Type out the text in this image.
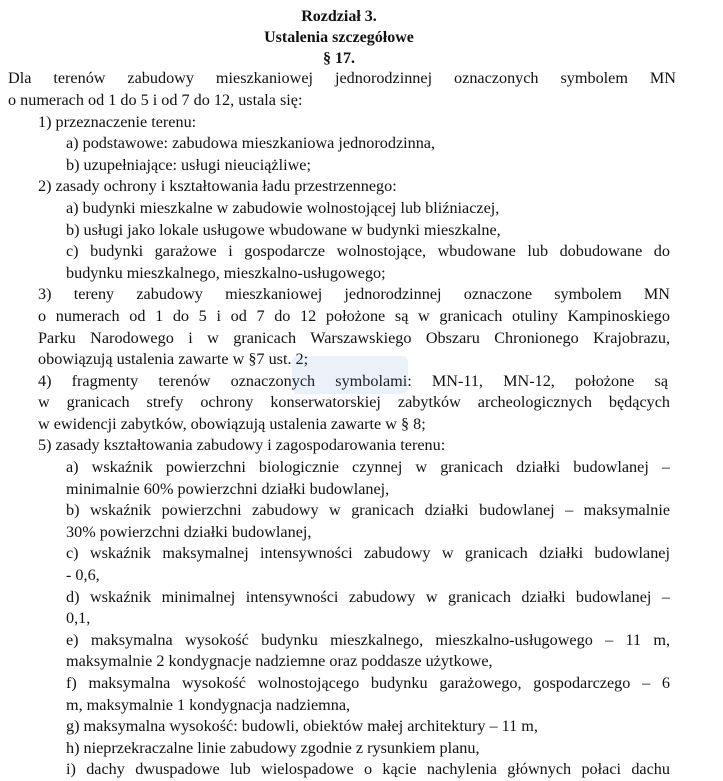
Rozdział 3.
Ustalenia szczegółowe
§ 17.
Dla terenów zabudowy mieszkaniowej jednorodzinnej oznaczonych symbolem MN
o numerach od 1 do 5 i od 7 do 12, ustala się:
1) przeznaczenie terenu:
a) podstawowe: zabudowa mieszkaniowa jednorodzinna,
b) uzupełniające: usługi nieuciążliwe;
2) zasady ochrony i kształtowania ładu przestrzennego:
a) budynki mieszkalne w zabudowie wolnostojącej lub bliźniaczej,
b) usługi jako lokale usługowe wbudowane w budynki mieszkalne,
c) budynki garażowe i gospodarcze wolnostojące, wbudowane lub dobudowane do
budynku mieszkalnego, mieszkalno-usługowego;
3) tereny zabudowy mieszkaniowej jednorodzinnej oznaczone symbolem MN
o numerach od 1 do 5 i od 7 do 12 położone są w granicach otuliny Kampinoskiego
Parku Narodowego i w granicach Warszawskiego Obszaru Chronionego Krajobrazu,
obowiązują ustalenia zawarte w §7 ust. 2;
4) fragmenty terenów oznaczonych symbolami: MN-11, MN-12, położone są
w granicach strefy ochrony konserwatorskiej zabytków archeologicznych będących
w ewidencji zabytków, obowiązują ustalenia zawarte w § 8;
5) zasady kształtowania zabudowy i zagospodarowania terenu:
a) wskaźnik powierzchni biologicznie czynnej w granicach działki budowlanej –
minimalnie 60% powierzchni działki budowlanej,
b) wskaźnik powierzchni zabudowy w granicach działki budowlanej – maksymalnie
30% powierzchni działki budowlanej,
c) wskaźnik maksymalnej intensywności zabudowy w granicach działki budowlanej
- 0,6,
d) wskaźnik minimalnej intensywności zabudowy w granicach działki budowlanej –
0,1,
e) maksymalna wysokość budynku mieszkalnego, mieszkalno-usługowego – 11 m,
maksymalnie 2 kondygnacje nadziemne oraz poddasze użytkowe,
f) maksymalna wysokość wolnostojącego budynku garażowego, gospodarczego – 6
m, maksymalnie 1 kondygnacja nadziemna,
g) maksymalna wysokość: budowli, obiektów małej architektury – 11 m,
h) nieprzekraczalne linie zabudowy zgodnie z rysunkiem planu,
i) dachy dwuspadowe lub wielospadowe o kącie nachylenia głównych połaci dachu
